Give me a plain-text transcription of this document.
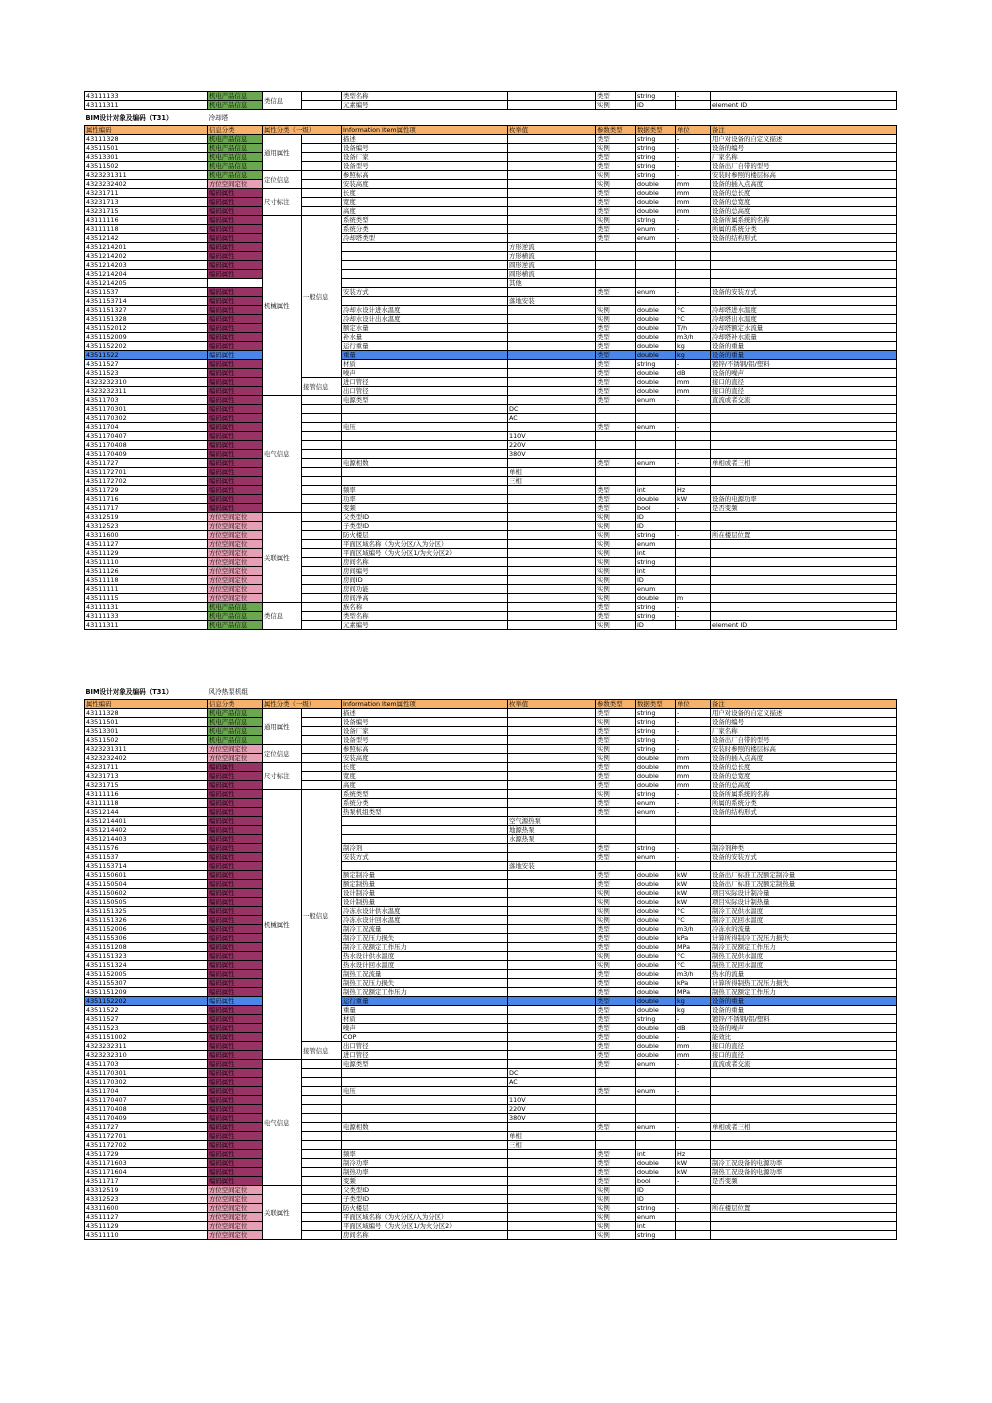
43111133	机电产品信息	类信息		类型名称		类型	string	-	
43111311	机电产品信息			元素编号		实例	ID		element ID
BIM设计对象及编码（T31）	冷却塔								
属性编码	信息分类	属性分类（一级）		Information Item属性项	枚举值	参数类型	数据类型	单位	备注
43111328	机电产品信息	通用属性		描述		类型	string	-	用户对设备的自定义描述
43511501	机电产品信息			设备编号		实例	string	-	设备的编号
43513301	机电产品信息			设备厂家		类型	string	-	厂家名称
43511502	机电产品信息			设备型号		类型	string	-	设备出厂自带的型号
4323231311	机电产品信息	定位信息		参照标高		实例	string	-	安装时参照的楼层标高
4323232402	方位空间定位			安装高度		实例	double	mm	设备的插入点高度
43231711	编码属性	尺寸标注		长度		类型	double	mm	设备的总长度
43231713	编码属性			宽度		类型	double	mm	设备的总宽度
43231715	编码属性			高度		类型	double	mm	设备的总高度
43111116	编码属性	机械属性	一般信息	系统类型		实例	string	-	设备所属系统的名称
43111118	编码属性			系统分类		类型	enum	-	所属的系统分类
43512142	编码属性			冷却塔类型		类型	enum	-	设备的结构形式
4351214201	编码属性				方形逆流				
4351214202	编码属性				方形横流				
4351214203	编码属性				圆形逆流				
4351214204	编码属性				圆形横流				
4351214205					其他				
43511537	编码属性			安装方式		类型	enum	-	设备的安装方式
4351153714	编码属性				落地安装				
4351151327	编码属性			冷却水设计进水温度		实例	double	°C	冷却塔进水温度
4351151328	编码属性			冷却水设计出水温度		实例	double	°C	冷却塔出水温度
4351152012	编码属性			额定水量		类型	double	T/h	冷却塔额定水流量
4351152009	编码属性			补水量		类型	double	m3/h	冷却塔补水流量
4351152202	编码属性			运行重量		类型	double	kg	设备的重量
43511522	编码属性			重量		类型	double	kg	设备的重量
43511527	编码属性			材质		类型	string	-	镀锌/不锈钢/铝/塑料
43511523	编码属性			噪声		类型	double	dB	设备的噪声
4323232310	编码属性		接管信息	进口管径		类型	double	mm	接口的直径
4323232311	编码属性			出口管径		类型	double	mm	接口的直径
43511703	编码属性	电气信息		电源类型		类型	enum	-	直流或者交流
4351170301	编码属性				DC				
4351170302	编码属性				AC				
43511704	编码属性			电压		类型	enum	-	
4351170407	编码属性				110V				
4351170408	编码属性				220V				
4351170409	编码属性				380V				
43511727	编码属性			电源相数		类型	enum	-	单相或者三相
4351172701	编码属性				单相				
4351172702	编码属性				三相				
43511729	编码属性			频率		类型	int	Hz	
43511716	编码属性			功率		类型	double	kW	设备的电源功率
43511717	编码属性			变频		类型	bool	-	是否变频
43312519	方位空间定位	关联属性		父类型ID		实例	ID		
43312523	方位空间定位			子类型ID		实例	ID		
43311600	方位空间定位			防火楼层		实例	string	-	所在楼层位置
43511127	方位空间定位			平面区域名称（为火分区/入为分区）		实例	enum		
43511129	方位空间定位			平面区域编号（为火分区1/为火分区2）		实例	int		
43511110	方位空间定位			房间名称		实例	string		
43511126	方位空间定位			房间编号		实例	int		
43511118	方位空间定位			房间ID		实例	ID		
43511111	方位空间定位			房间功能		实例	enum		
43511115	方位空间定位			房间净高		实例	double	m	
43111131	机电产品信息	类信息		族名称		类型	string	-	
43111133	机电产品信息			类型名称		类型	string	-	
43111311	机电产品信息			元素编号		实例	ID		element ID
BIM设计对象及编码（T31）	风冷热泵机组								
属性编码	信息分类	属性分类（一级）		Information Item属性项	枚举值	参数类型	数据类型	单位	备注
43111328	机电产品信息	通用属性		描述		类型	string	-	用户对设备的自定义描述
43511501	机电产品信息			设备编号		实例	string	-	设备的编号
43513301	机电产品信息			设备厂家		类型	string	-	厂家名称
43511502	机电产品信息			设备型号		类型	string	-	设备出厂自带的型号
4323231311	方位空间定位	定位信息		参照标高		实例	string	-	安装时参照的楼层标高
4323232402	方位空间定位			安装高度		实例	double	mm	设备的插入点高度
43231711	编码属性	尺寸标注		长度		类型	double	mm	设备的总长度
43231713	编码属性			宽度		类型	double	mm	设备的总宽度
43231715	编码属性			高度		类型	double	mm	设备的总高度
43111116	编码属性	机械属性	一般信息	系统类型		实例	string	-	设备所属系统的名称
43111118	编码属性			系统分类		类型	enum	-	所属的系统分类
43512144	编码属性			热泵机组类型		类型	enum	-	设备的结构形式
4351214401	编码属性				空气源热泵				
4351214402	编码属性				地源热泵				
4351214403	编码属性				水源热泵				
43511576	编码属性			制冷剂		类型	string	-	制冷剂种类
43511537	编码属性			安装方式		类型	enum	-	设备的安装方式
4351153714	编码属性				落地安装				
4351150601	编码属性			额定制冷量		类型	double	kW	设备出厂标准工况额定制冷量
4351150504	编码属性			额定制热量		类型	double	kW	设备出厂标准工况额定制热量
4351150602	编码属性			设计制冷量		实例	double	kW	项目实际设计制冷量
4351150505	编码属性			设计制热量		实例	double	kW	项目实际设计制热量
4351151325	编码属性			冷冻水设计供水温度		实例	double	°C	制冷工况供水温度
4351151326	编码属性			冷冻水设计回水温度		实例	double	°C	制冷工况回水温度
4351152006	编码属性			制冷工况流量		类型	double	m3/h	冷冻水的流量
4351155306	编码属性			制冷工况压力损失		类型	double	kPa	计算所得制冷工况压力损失
4351151208	编码属性			制冷工况额定工作压力		类型	double	MPa	制冷工况额定工作压力
4351151323	编码属性			热水设计供水温度		实例	double	°C	制热工况供水温度
4351151324	编码属性			热水设计回水温度		实例	double	°C	制热工况回水温度
4351152005	编码属性			制热工况流量		类型	double	m3/h	热水的流量
4351155307	编码属性			制热工况压力损失		类型	double	kPa	计算所得制热工况压力损失
4351151209	编码属性			制热工况额定工作压力		类型	double	MPa	制热工况额定工作压力
4351152202	编码属性			运行重量		类型	double	kg	设备的重量
43511522	编码属性			重量		类型	double	kg	设备的重量
43511527	编码属性			材质		类型	string	-	镀锌/不锈钢/铝/塑料
43511523	编码属性			噪声		类型	double	dB	设备的噪声
4351151002	编码属性			COP		类型	double	-	能效比
4323232311	编码属性		接管信息	出口管径		类型	double	mm	接口的直径
4323232310	编码属性			进口管径		类型	double	mm	接口的直径
43511703	编码属性	电气信息		电源类型		类型	enum	-	直流或者交流
4351170301	编码属性				DC				
4351170302	编码属性				AC				
43511704	编码属性			电压		类型	enum	-	
4351170407	编码属性				110V				
4351170408	编码属性				220V				
4351170409	编码属性				380V				
43511727	编码属性			电源相数		类型	enum	-	单相或者三相
4351172701	编码属性				单相				
4351172702	编码属性				三相				
43511729	编码属性			频率		类型	int	Hz	
4351171603	编码属性			制冷功率		类型	double	kW	制冷工况设备的电源功率
4351171604	编码属性			制热功率		类型	double	kW	制热工况设备的电源功率
43511717	编码属性			变频		类型	bool	-	是否变频
43312519	方位空间定位	关联属性		父类型ID		实例	ID		
43312523	方位空间定位			子类型ID		实例	ID		
43311600	方位空间定位			防火楼层		实例	string	-	所在楼层位置
43511127	方位空间定位			平面区域名称（为火分区/入为分区）		实例	enum		
43511129	方位空间定位			平面区域编号（为火分区1/为火分区2）		实例	int		
43511110	方位空间定位			房间名称		实例	string		
